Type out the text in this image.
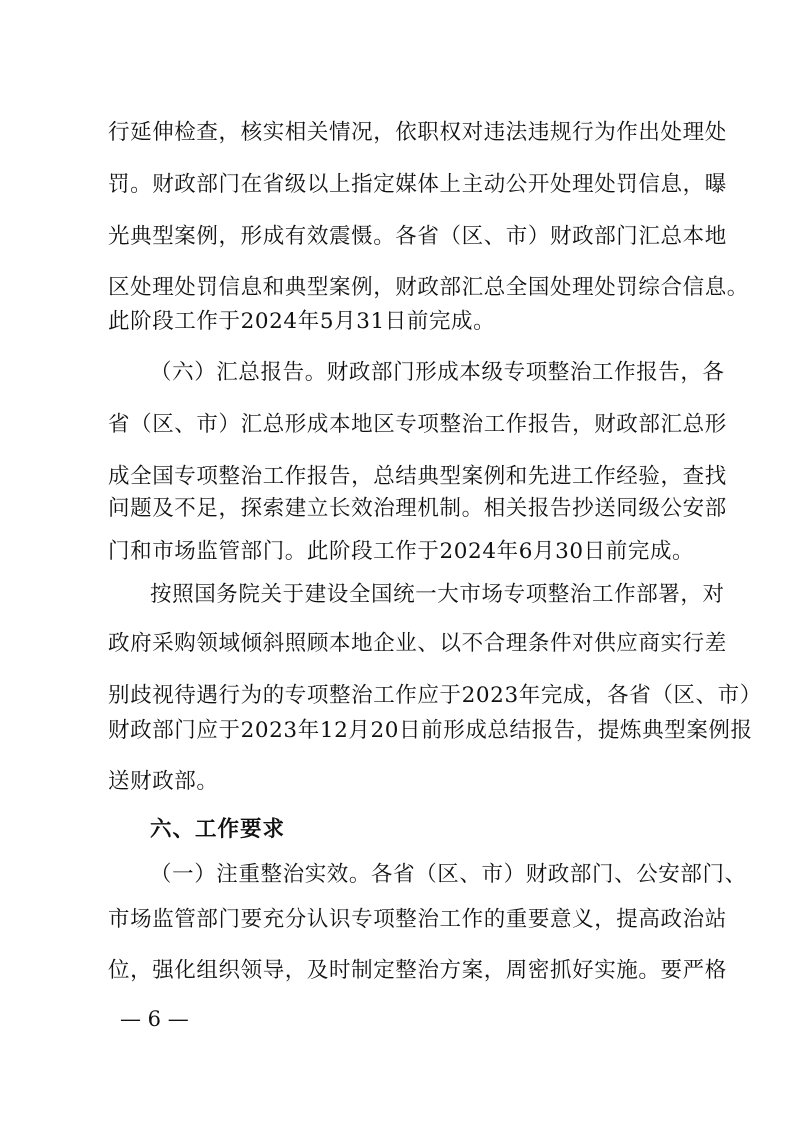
行延伸检查，核实相关情况，依职权对违法违规行为作出处理处
罚。财政部门在省级以上指定媒体上主动公开处理处罚信息，曝
光典型案例，形成有效震慑。各省（区、市）财政部门汇总本地
区处理处罚信息和典型案例，财政部汇总全国处理处罚综合信息。
此阶段工作于2024年5月31日前完成。
（六）汇总报告。财政部门形成本级专项整治工作报告，各
省（区、市）汇总形成本地区专项整治工作报告，财政部汇总形
成全国专项整治工作报告，总结典型案例和先进工作经验，查找
问题及不足，探索建立长效治理机制。相关报告抄送同级公安部
门和市场监管部门。此阶段工作于2024年6月30日前完成。
按照国务院关于建设全国统一大市场专项整治工作部署，对
政府采购领域倾斜照顾本地企业、以不合理条件对供应商实行差
别歧视待遇行为的专项整治工作应于2023年完成，各省（区、市）
财政部门应于2023年12月20日前形成总结报告，提炼典型案例报
送财政部。
六、工作要求
（一）注重整治实效。各省（区、市）财政部门、公安部门、
市场监管部门要充分认识专项整治工作的重要意义，提高政治站
位，强化组织领导，及时制定整治方案，周密抓好实施。要严格
— 6 —
